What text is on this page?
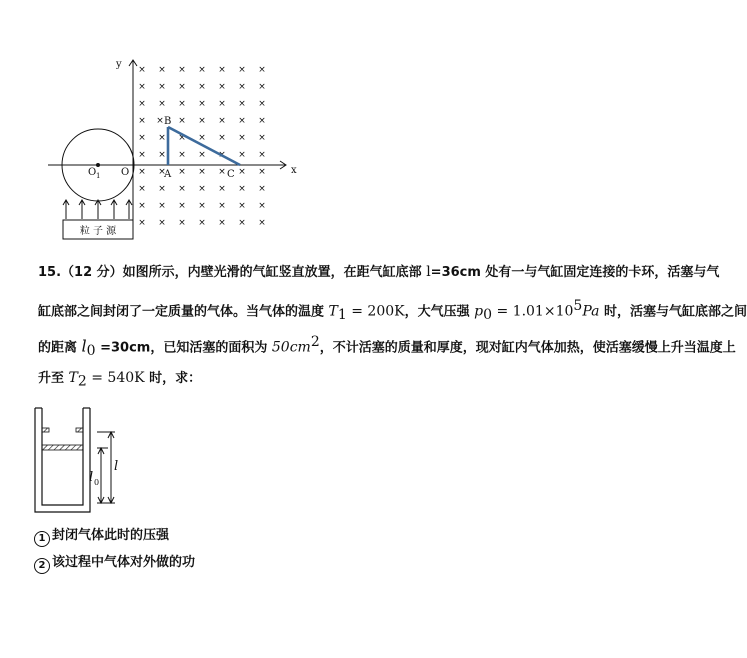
× × × × × × ×
× × × × × × ×
× × × × × × ×
× × × × × × ×
× × × × × × ×
× × × × × × ×
× × × × × × ×
× × × × × × ×
× × × × × × ×
× × × × × × ×
y
x
O
O 1	A
B
C
粒 子 源
15.（12 分）如图所示，内壁光滑的气缸竖直放置，在距气缸底部 l=36cm 处有一与气缸固定连接的卡环，活塞与气
缸底部之间封闭了一定质量的气体。当气体的温度 $T_1 = 200K$，大气压强 $p_0 = 1.01\times 10^5Pa$ 时，活塞与气缸底部之间
的距离 $l_0 =30cm$，已知活塞的面积为 $50cm^2$，不计活塞的质量和厚度，现对缸内气体加热，使活塞缓慢上升当温度上
升至 $T_2 = 540K$ 时，求：
l
l 0
1 封闭气体此时的压强
2 该过程中气体对外做的功
